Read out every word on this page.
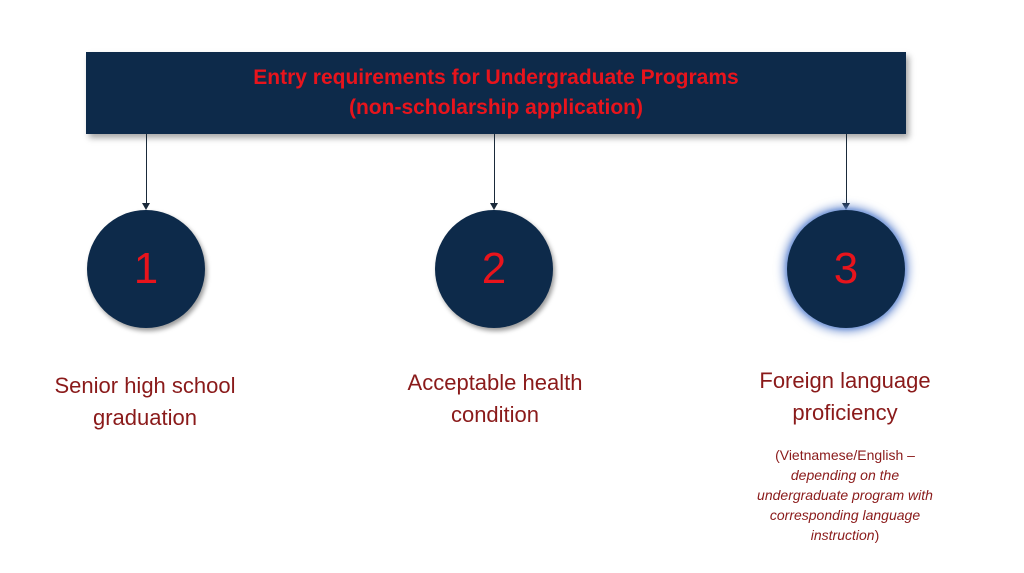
Entry requirements for Undergraduate Programs
(non-scholarship application)
1	2	3
Senior high school
graduation
Acceptable health
condition
Foreign language
proficiency
(Vietnamese/English –
depending on the
undergraduate program with
corresponding language
instruction)
